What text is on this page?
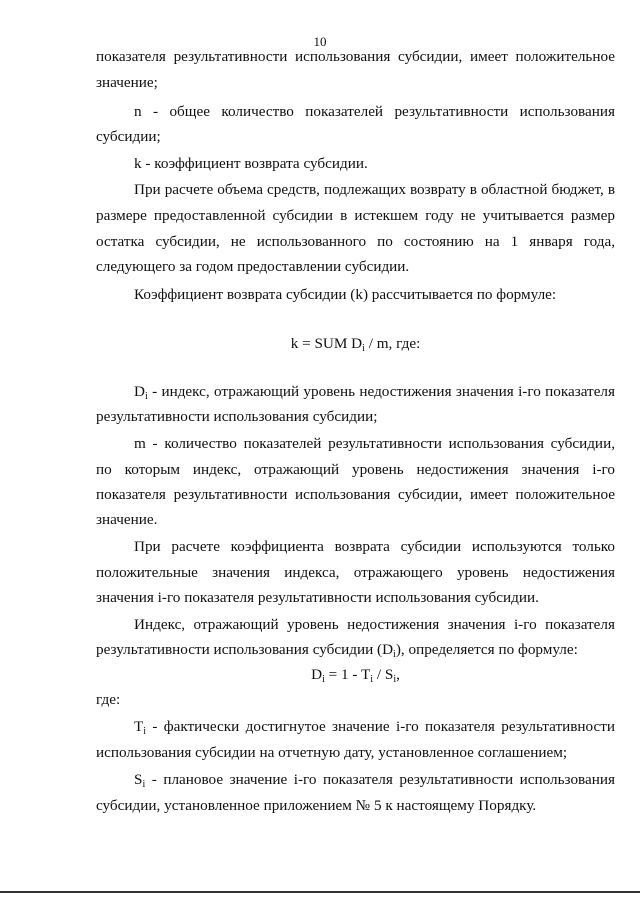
10
показателя результативности использования субсидии, имеет положительное
значение;
n - общее количество показателей результативности использования
субсидии;
k - коэффициент возврата субсидии.
При расчете объема средств, подлежащих возврату в областной бюджет, в
размере предоставленной субсидии в истекшем году не учитывается размер
остатка субсидии, не использованного по состоянию на 1 января года,
следующего за годом предоставлении субсидии.
Коэффициент возврата субсидии (k) рассчитывается по формуле:
k = SUM $D_i$ / m, где:
$D_i$ - индекс, отражающий уровень недостижения значения i-го показателя
результативности использования субсидии;
m - количество показателей результативности использования субсидии,
по которым индекс, отражающий уровень недостижения значения i-го
показателя результативности использования субсидии, имеет положительное
значение.
При расчете коэффициента возврата субсидии используются только
положительные значения индекса, отражающего уровень недостижения
значения i-го показателя результативности использования субсидии.
Индекс, отражающий уровень недостижения значения i-го показателя
результативности использования субсидии $(D_i)$, определяется по формуле:
$D_i = 1 - T_i / S_i$,
где:
$T_i$ - фактически достигнутое значение i-го показателя результативности
использования субсидии на отчетную дату, установленное соглашением;
$S_i$ - плановое значение i-го показателя результативности использования
субсидии, установленное приложением № 5 к настоящему Порядку.
